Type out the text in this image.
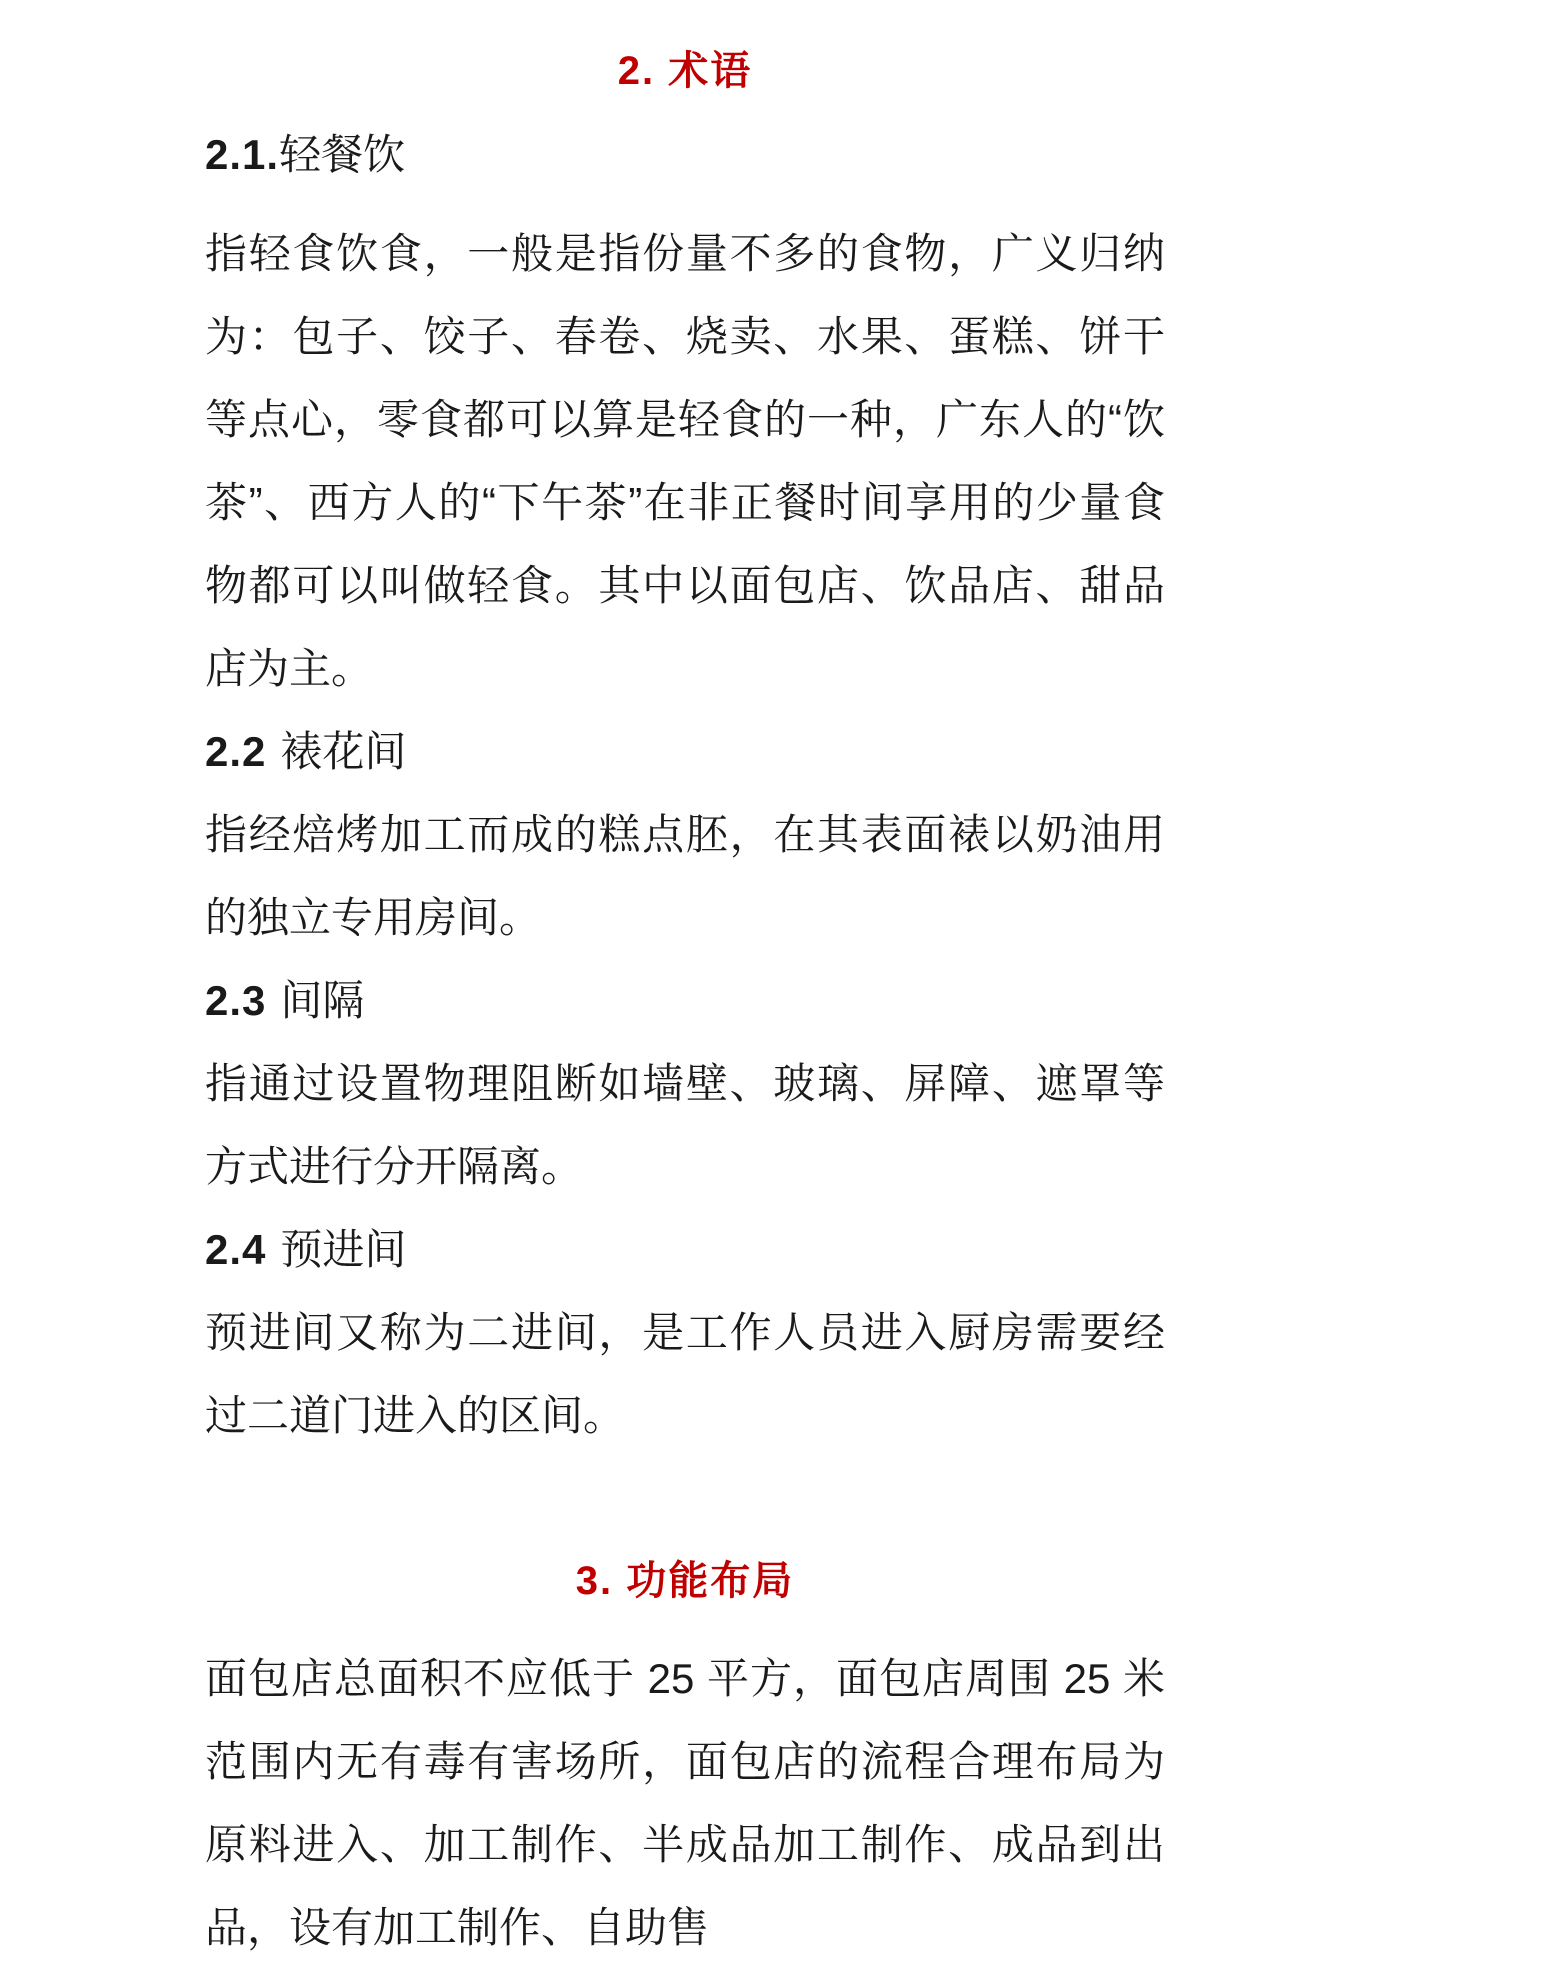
2. 术语
2.1.轻餐饮

指轻食饮食，一般是指份量不多的食物，广义归纳为：包子、饺子、春卷、烧卖、水果、蛋糕、饼干等点心，零食都可以算是轻食的一种，广东人的“饮茶”、西方人的“下午茶”在非正餐时间享用的少量食物都可以叫做轻食。其中以面包店、饮品店、甜品店为主。

2.2 裱花间

指经焙烤加工而成的糕点胚，在其表面裱以奶油用的独立专用房间。

2.3 间隔

指通过设置物理阻断如墙壁、玻璃、屏障、遮罩等方式进行分开隔离。

2.4 预进间

预进间又称为二进间，是工作人员进入厨房需要经过二道门进入的区间。

3. 功能布局

面包店总面积不应低于 25 平方，面包店周围 25 米范围内无有毒有害场所，面包店的流程合理布局为原料进入、加工制作、半成品加工制作、成品到出品，设有加工制作、自助售
